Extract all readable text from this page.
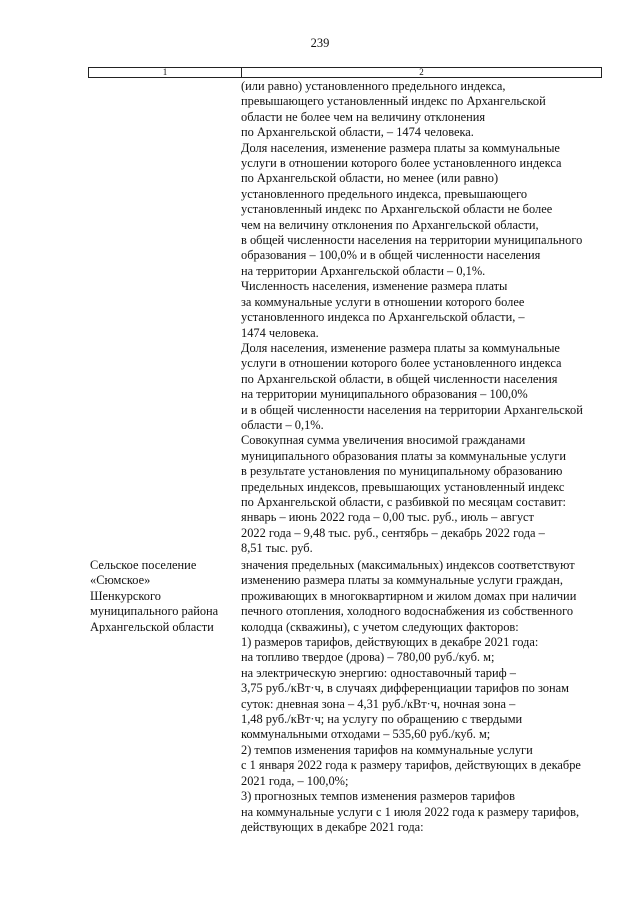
239
1	2
(или равно) установленного предельного индекса,
превышающего установленный индекс по Архангельской
области не более чем на величину отклонения
по Архангельской области, – 1474 человека.
Доля населения, изменение размера платы за коммунальные
услуги в отношении которого более установленного индекса
по Архангельской области, но менее (или равно)
установленного предельного индекса, превышающего
установленный индекс по Архангельской области не более
чем на величину отклонения по Архангельской области,
в общей численности населения на территории муниципального
образования – 100,0% и в общей численности населения
на территории Архангельской области – 0,1%.
Численность населения, изменение размера платы
за коммунальные услуги в отношении которого более
установленного индекса по Архангельской области, –
1474 человека.
Доля населения, изменение размера платы за коммунальные
услуги в отношении которого более установленного индекса
по Архангельской области, в общей численности населения
на территории муниципального образования – 100,0%
и в общей численности населения на территории Архангельской
области – 0,1%.
Совокупная сумма увеличения вносимой гражданами
муниципального образования платы за коммунальные услуги
в результате установления по муниципальному образованию
предельных индексов, превышающих установленный индекс
по Архангельской области, с разбивкой по месяцам составит:
январь – июнь 2022 года – 0,00 тыс. руб., июль – август
2022 года – 9,48 тыс. руб., сентябрь – декабрь 2022 года –
8,51 тыс. руб.
Сельское поселение
«Сюмское»
Шенкурского
муниципального района
Архангельской области
значения предельных (максимальных) индексов соответствуют
изменению размера платы за коммунальные услуги граждан,
проживающих в многоквартирном и жилом домах при наличии
печного отопления, холодного водоснабжения из собственного
колодца (скважины), с учетом следующих факторов:
1) размеров тарифов, действующих в декабре 2021 года:
на топливо твердое (дрова) – 780,00 руб./куб. м;
на электрическую энергию: одноставочный тариф –
3,75 руб./кВт·ч, в случаях дифференциации тарифов по зонам
суток: дневная зона – 4,31 руб./кВт·ч, ночная зона –
1,48 руб./кВт·ч; на услугу по обращению с твердыми
коммунальными отходами – 535,60 руб./куб. м;
2) темпов изменения тарифов на коммунальные услуги
с 1 января 2022 года к размеру тарифов, действующих в декабре
2021 года, – 100,0%;
3) прогнозных темпов изменения размеров тарифов
на коммунальные услуги с 1 июля 2022 года к размеру тарифов,
действующих в декабре 2021 года:
